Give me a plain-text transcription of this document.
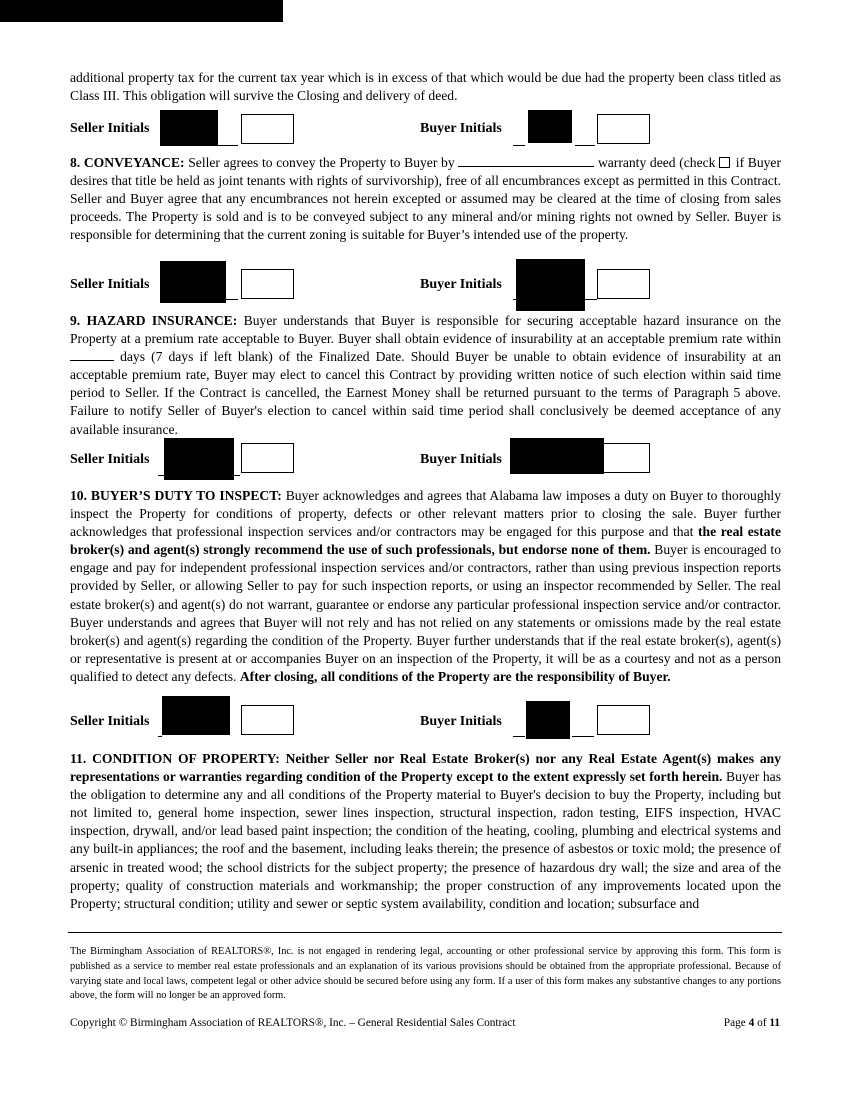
additional property tax for the current tax year which is in excess of that which would be due had the property been class titled as Class III. This obligation will survive the Closing and delivery of deed.

Seller Initials	Buyer Initials

8. CONVEYANCE: Seller agrees to convey the Property to Buyer by	warranty deed (check  if Buyer desires that title be held as joint tenants with rights of survivorship), free of all encumbrances except as permitted in this Contract. Seller and Buyer agree that any encumbrances not herein excepted or assumed may be cleared at the time of closing from sales proceeds. The Property is sold and is to be conveyed subject to any mineral and/or mining rights not owned by Seller. Buyer is responsible for determining that the current zoning is suitable for Buyer’s intended use of the property.

Seller Initials	Buyer Initials

9. HAZARD INSURANCE: Buyer understands that Buyer is responsible for securing acceptable hazard insurance on the Property at a premium rate acceptable to Buyer. Buyer shall obtain evidence of insurability at an acceptable premium rate within  days (7 days if left blank) of the Finalized Date. Should Buyer be unable to obtain evidence of insurability at an acceptable premium rate, Buyer may elect to cancel this Contract by providing written notice of such election within said time period to Seller. If the Contract is cancelled, the Earnest Money shall be returned pursuant to the terms of Paragraph 5 above. Failure to notify Seller of Buyer's election to cancel within said time period shall conclusively be deemed acceptance of any available insurance.

Seller Initials	Buyer Initials

10. BUYER’S DUTY TO INSPECT: Buyer acknowledges and agrees that Alabama law imposes a duty on Buyer to thoroughly inspect the Property for conditions of property, defects or other relevant matters prior to closing the sale. Buyer further acknowledges that professional inspection services and/or contractors may be engaged for this purpose and that the real estate broker(s) and agent(s) strongly recommend the use of such professionals, but endorse none of them. Buyer is encouraged to engage and pay for independent professional inspection services and/or contractors, rather than using previous inspection reports provided by Seller, or allowing Seller to pay for such inspection reports, or using an inspector recommended by Seller. The real estate broker(s) and agent(s) do not warrant, guarantee or endorse any particular professional inspection service and/or contractor. Buyer understands and agrees that Buyer will not rely and has not relied on any statements or omissions made by the real estate broker(s) and agent(s) regarding the condition of the Property. Buyer further understands that if the real estate broker(s), agent(s) or representative is present at or accompanies Buyer on an inspection of the Property, it will be as a courtesy and not as a person qualified to detect any defects. After closing, all conditions of the Property are the responsibility of Buyer.

Seller Initials	Buyer Initials

11. CONDITION OF PROPERTY: Neither Seller nor Real Estate Broker(s) nor any Real Estate Agent(s) makes any representations or warranties regarding condition of the Property except to the extent expressly set forth herein. Buyer has the obligation to determine any and all conditions of the Property material to Buyer's decision to buy the Property, including but not limited to, general home inspection, sewer lines inspection, structural inspection, radon testing, EIFS inspection, HVAC inspection, drywall, and/or lead based paint inspection; the condition of the heating, cooling, plumbing and electrical systems and any built-in appliances; the roof and the basement, including leaks therein; the presence of asbestos or toxic mold; the presence of arsenic in treated wood; the school districts for the subject property; the presence of hazardous dry wall; the size and area of the property; quality of construction materials and workmanship; the proper construction of any improvements located upon the Property; structural condition; utility and sewer or septic system availability, condition and location; subsurface and

The Birmingham Association of REALTORS®, Inc. is not engaged in rendering legal, accounting or other professional service by approving this form. This form is published as a service to member real estate professionals and an explanation of its various provisions should be obtained from the appropriate professional. Because of varying state and local laws, competent legal or other advice should be secured before using any form. If a user of this form makes any substantive changes to any portions above, the form will no longer be an approved form.
Copyright © Birmingham Association of REALTORS®, Inc. – General Residential Sales Contract	Page 4 of 11
